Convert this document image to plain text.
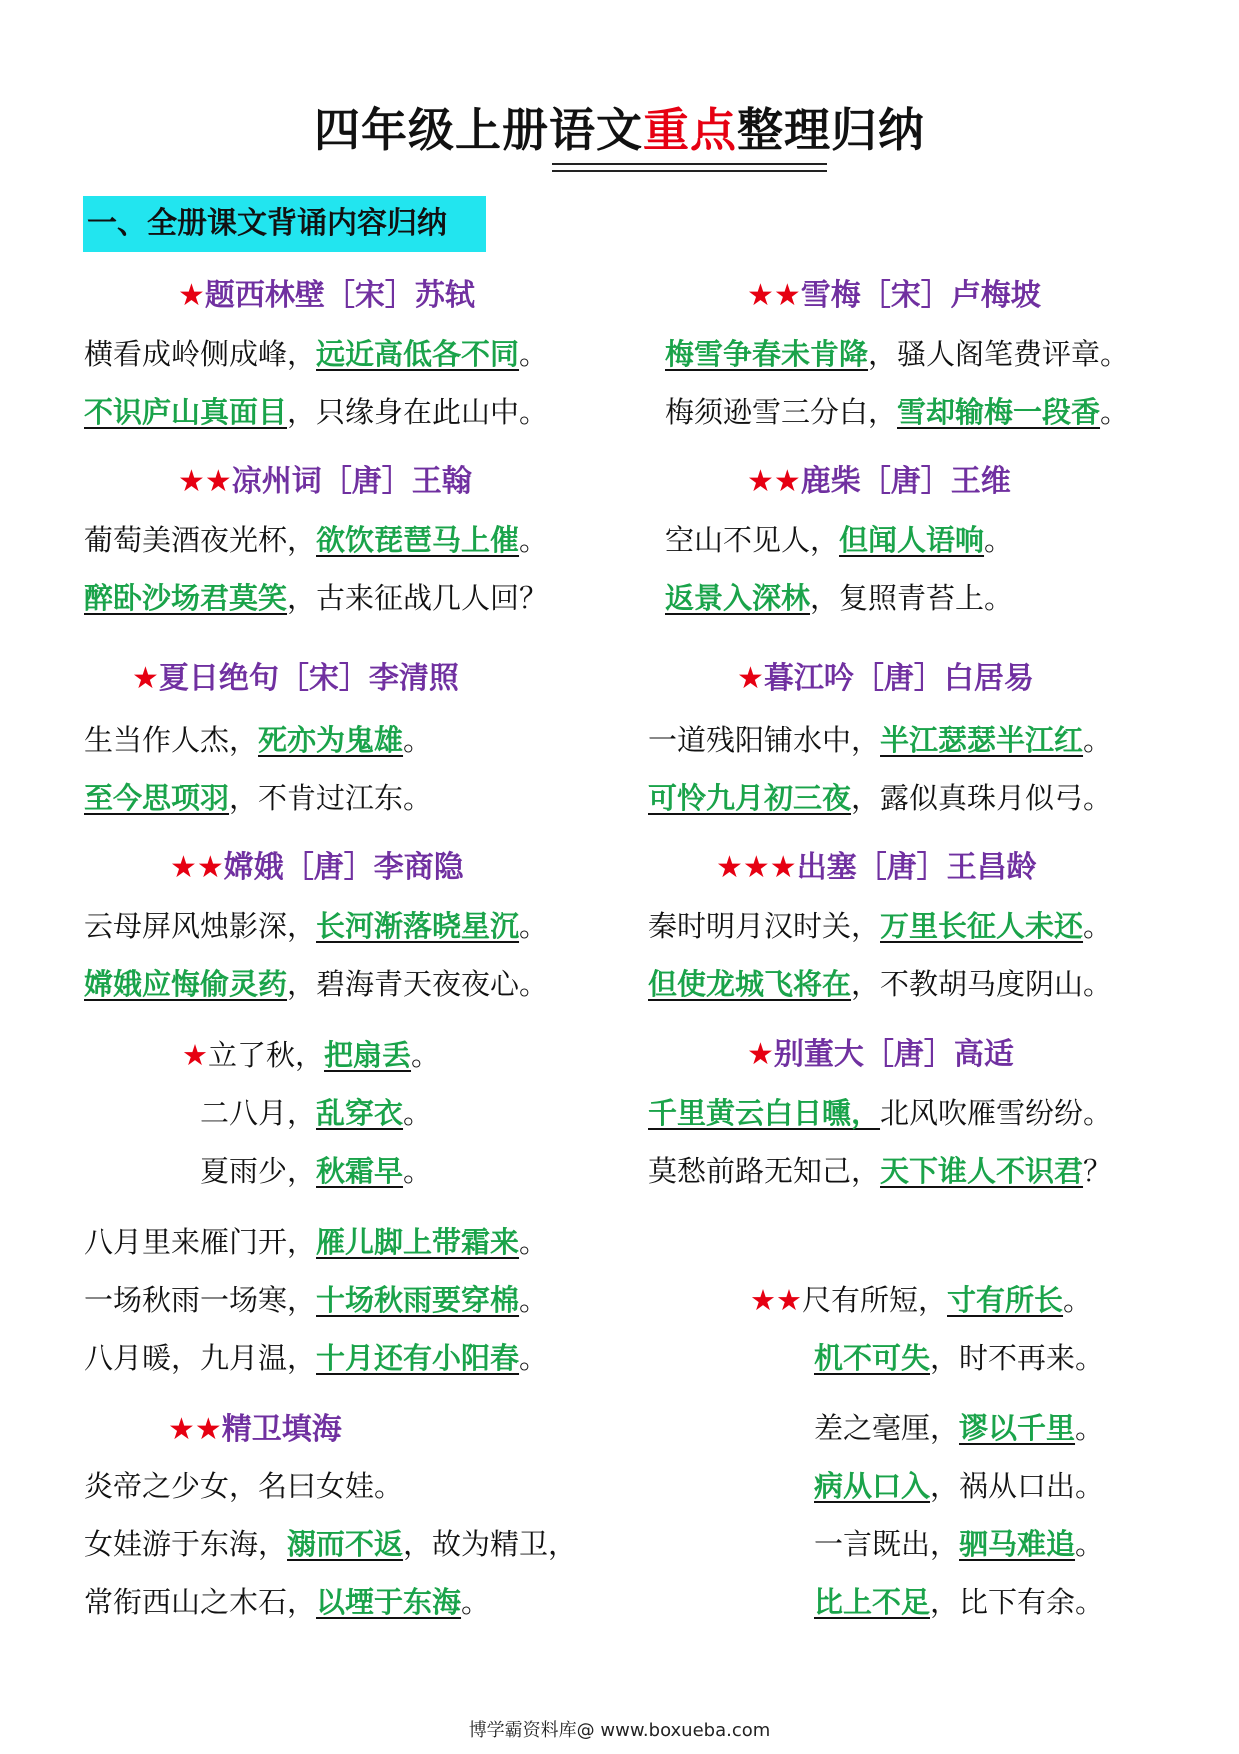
四年级上册语文重点整理归纳
一、全册课文背诵内容归纳
★题西林壁［宋］苏轼
横看成岭侧成峰，远近高低各不同。
不识庐山真面目，只缘身在此山中。
★★雪梅［宋］卢梅坡
梅雪争春未肯降，骚人阁笔费评章。
梅须逊雪三分白，雪却输梅一段香。
★★凉州词［唐］王翰
葡萄美酒夜光杯，欲饮琵琶马上催。
醉卧沙场君莫笑，古来征战几人回？
★★鹿柴［唐］王维
空山不见人，但闻人语响。
返景入深林，复照青苔上。
★夏日绝句［宋］李清照
生当作人杰，死亦为鬼雄。
至今思项羽，不肯过江东。
★暮江吟［唐］白居易
一道残阳铺水中，半江瑟瑟半江红。
可怜九月初三夜，露似真珠月似弓。
★★嫦娥［唐］李商隐
云母屏风烛影深，长河渐落晓星沉。
嫦娥应悔偷灵药，碧海青天夜夜心。
★★★出塞［唐］王昌龄
秦时明月汉时关，万里长征人未还。
但使龙城飞将在，不教胡马度阴山。
★立了秋，把扇丢。
二八月，乱穿衣。
夏雨少，秋霜早。
★别董大［唐］高适
千里黄云白日曛，北风吹雁雪纷纷。
莫愁前路无知己，天下谁人不识君？
八月里来雁门开，雁儿脚上带霜来。
一场秋雨一场寒，十场秋雨要穿棉。
八月暖，九月温，十月还有小阳春。
★★尺有所短，寸有所长。
机不可失，时不再来。
差之毫厘，谬以千里。
病从口入，祸从口出。
一言既出，驷马难追。
比上不足，比下有余。
★★精卫填海
炎帝之少女，名曰女娃。
女娃游于东海，溺而不返，故为精卫，
常衔西山之木石，以堙于东海。
博学霸资料库@ www.boxueba.com
